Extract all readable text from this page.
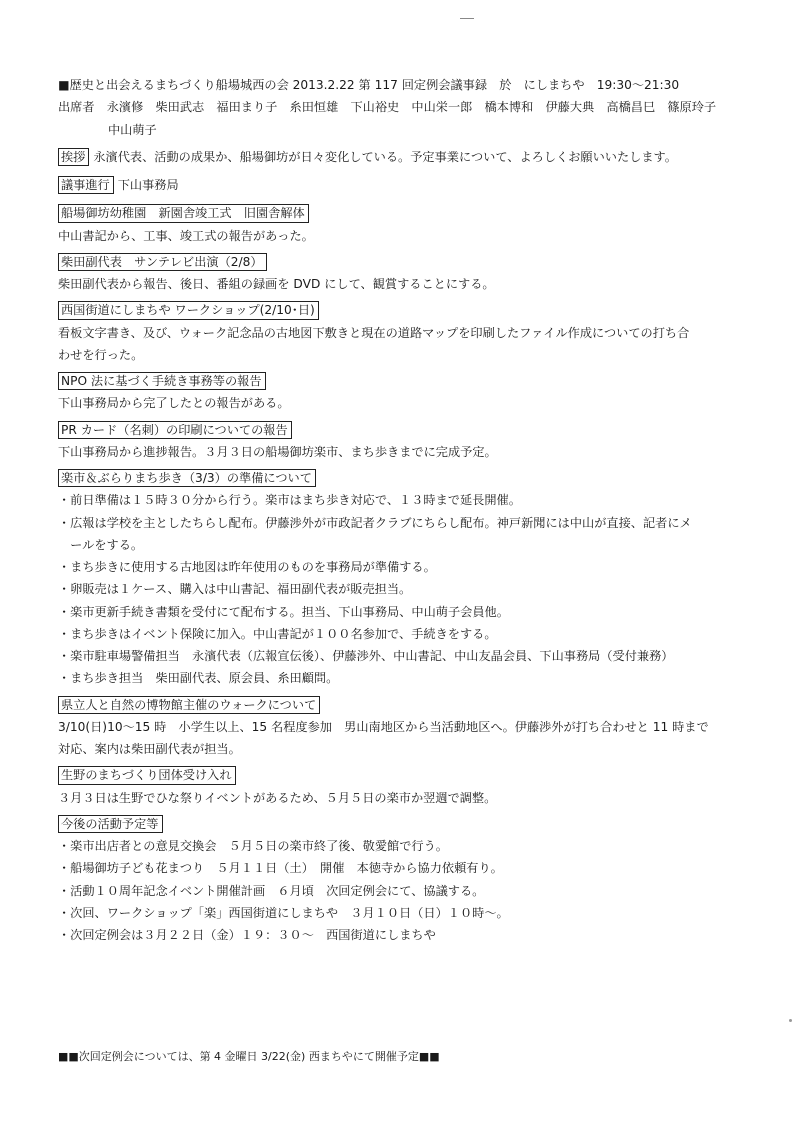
■歴史と出会えるまちづくり船場城西の会 2013.2.22 第 117 回定例会議事録　於　にしまちや　19:30～21:30
出席者　永濱修　柴田武志　福田まり子　糸田恒雄　下山裕史　中山栄一郎　橋本博和　伊藤大典　高橋昌巳　篠原玲子
中山萌子
挨拶 永濱代表、活動の成果か、船場御坊が日々変化している。予定事業について、よろしくお願いいたします。
議事進行 下山事務局
船場御坊幼稚園　新園舎竣工式　旧園舎解体
中山書記から、工事、竣工式の報告があった。
柴田副代表　サンテレビ出演（2/8）
柴田副代表から報告、後日、番組の録画を DVD にして、観賞することにする。
西国街道にしまちや ワークショップ(2/10･日)
看板文字書き、及び、ウォーク記念品の古地図下敷きと現在の道路マップを印刷したファイル作成についての打ち合
わせを行った。
NPO 法に基づく手続き事務等の報告
下山事務局から完了したとの報告がある。
PR カード（名刺）の印刷についての報告
下山事務局から進捗報告。３月３日の船場御坊楽市、まち歩きまでに完成予定。
楽市＆ぶらりまち歩き（3/3）の準備について
・前日準備は１５時３０分から行う。楽市はまち歩き対応で、１３時まで延長開催。
・広報は学校を主としたちらし配布。伊藤渉外が市政記者クラブにちらし配布。神戸新聞には中山が直接、記者にメ
　ールをする。
・まち歩きに使用する古地図は昨年使用のものを事務局が準備する。
・卵販売は１ケース、購入は中山書記、福田副代表が販売担当。
・楽市更新手続き書類を受付にて配布する。担当、下山事務局、中山萌子会員他。
・まち歩きはイベント保険に加入。中山書記が１００名参加で、手続きをする。
・楽市駐車場警備担当　永濱代表（広報宣伝後）、伊藤渉外、中山書記、中山友晶会員、下山事務局（受付兼務）
・まち歩き担当　柴田副代表、原会員、糸田顧問。
県立人と自然の博物館主催のウォークについて
3/10(日)10～15 時　小学生以上、15 名程度参加　男山南地区から当活動地区へ。伊藤渉外が打ち合わせと 11 時まで
対応、案内は柴田副代表が担当。
生野のまちづくり団体受け入れ
３月３日は生野でひな祭りイベントがあるため、５月５日の楽市か翌週で調整。
今後の活動予定等
・楽市出店者との意見交換会　５月５日の楽市終了後、敬愛館で行う。
・船場御坊子ども花まつり　５月１１日（土）　開催　本徳寺から協力依頼有り。
・活動１０周年記念イベント開催計画　６月頃　次回定例会にて、協議する。
・次回、ワークショップ「楽」西国街道にしまちや　３月１０日（日）１０時～。
・次回定例会は３月２２日（金）１９：３０～　西国街道にしまちや
■■次回定例会については、第 4 金曜日 3/22(金) 西まちやにて開催予定■■
